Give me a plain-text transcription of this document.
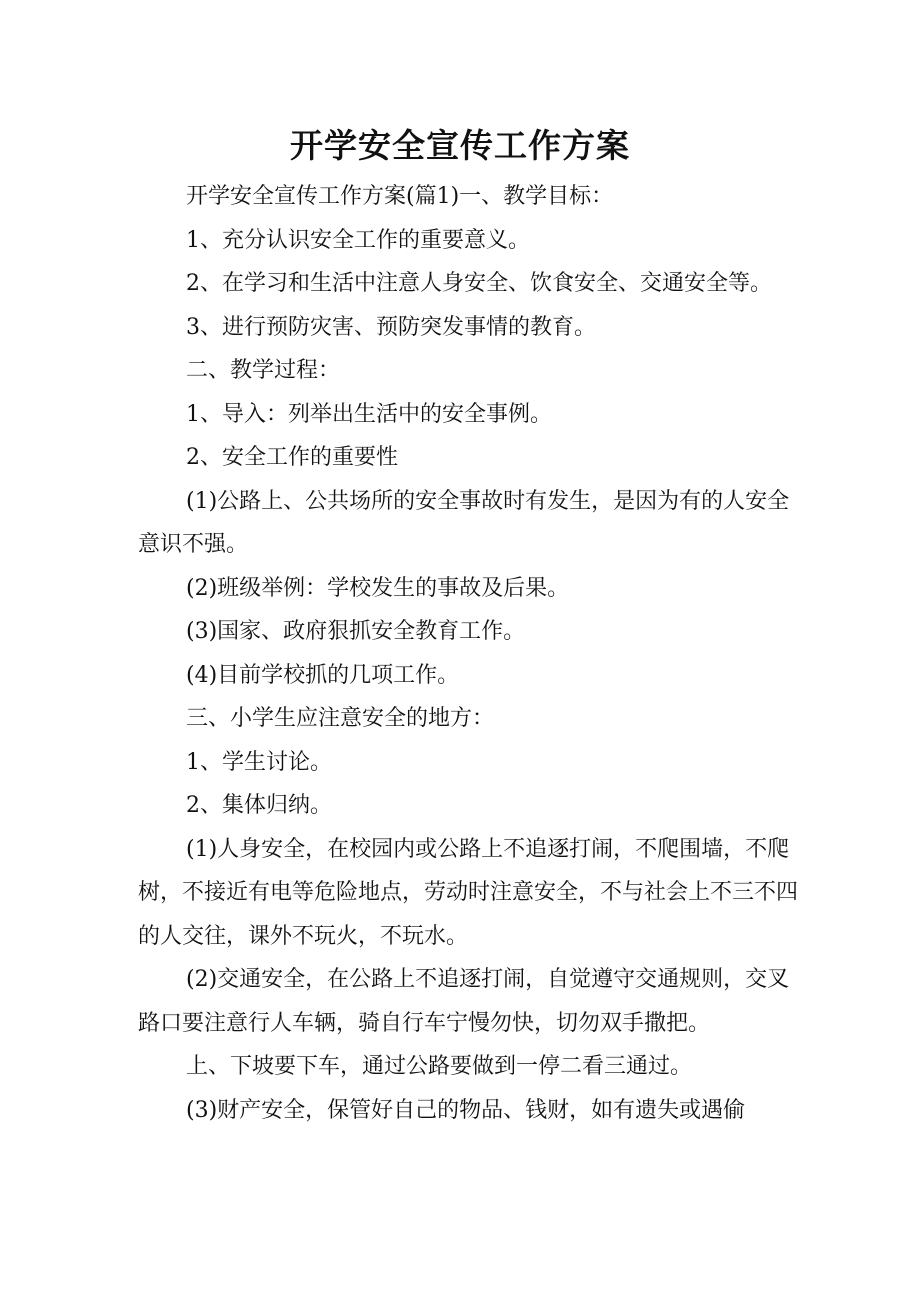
开学安全宣传工作方案

开学安全宣传工作方案(篇1)一、教学目标：

1、充分认识安全工作的重要意义。

2、在学习和生活中注意人身安全、饮食安全、交通安全等。

3、进行预防灾害、预防突发事情的教育。

二、教学过程：

1、导入：列举出生活中的安全事例。

2、安全工作的重要性

(1)公路上、公共场所的安全事故时有发生，是因为有的人安全意识不强。

(2)班级举例：学校发生的事故及后果。

(3)国家、政府狠抓安全教育工作。

(4)目前学校抓的几项工作。

三、小学生应注意安全的地方：

1、学生讨论。

2、集体归纳。

(1)人身安全，在校园内或公路上不追逐打闹，不爬围墙，不爬树，不接近有电等危险地点，劳动时注意安全，不与社会上不三不四的人交往，课外不玩火，不玩水。

(2)交通安全，在公路上不追逐打闹，自觉遵守交通规则，交叉路口要注意行人车辆，骑自行车宁慢勿快，切勿双手撒把。

上、下坡要下车，通过公路要做到一停二看三通过。

(3)财产安全，保管好自己的物品、钱财，如有遗失或遇偷
